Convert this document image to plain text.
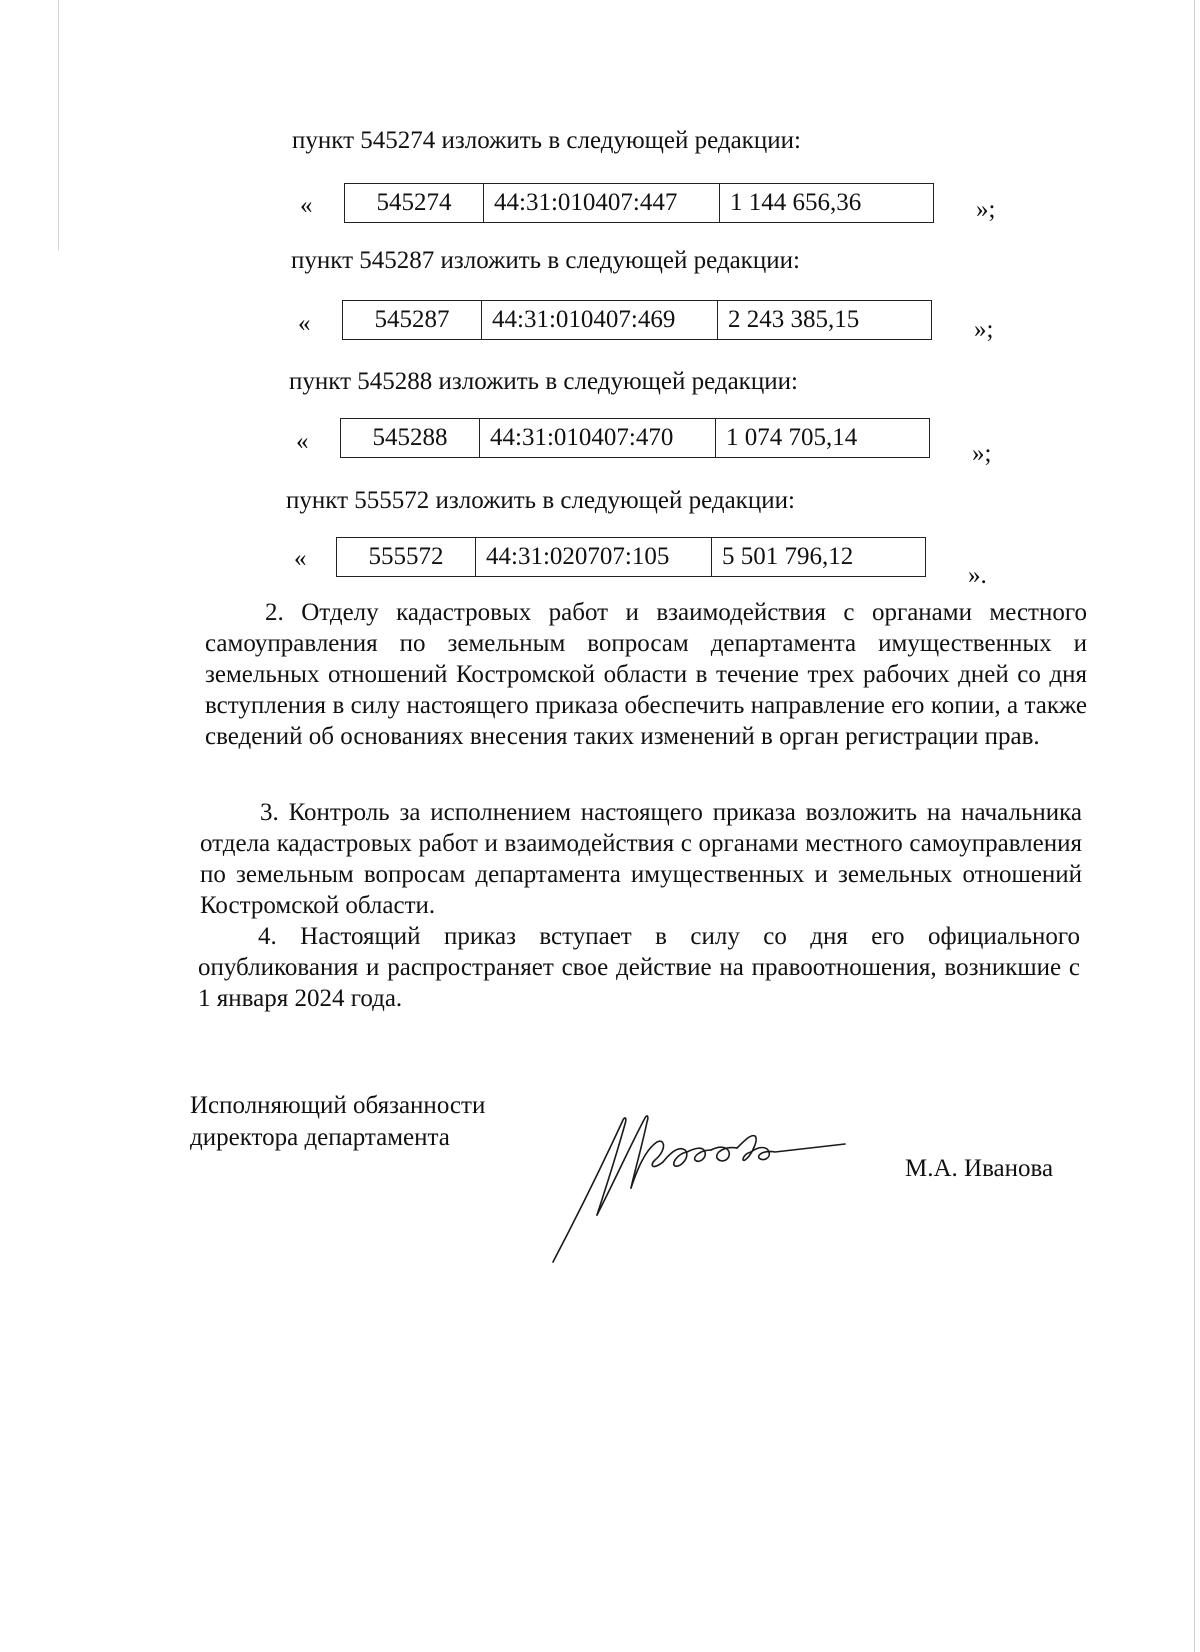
пункт 545274 изложить в следующей редакции:
«	545274	44:31:010407:447	1 144 656,36	»;
пункт 545287 изложить в следующей редакции:
«	545287	44:31:010407:469	2 243 385,15	»;
пункт 545288 изложить в следующей редакции:
«	545288	44:31:010407:470	1 074 705,14
»;
пункт 555572 изложить в следующей редакции:
« 555572	44:31:020707:105	5 501 796,12
».
2. Отделу кадастровых работ и взаимодействия с органами местного самоуправления по земельным вопросам департамента имущественных и земельных отношений Костромской области в течение трех рабочих дней со дня вступления в силу настоящего приказа обеспечить направление его копии, а также сведений об основаниях внесения таких изменений в орган регистрации прав.
3. Контроль за исполнением настоящего приказа возложить на начальника отдела кадастровых работ и взаимодействия с органами местного самоуправления по земельным вопросам департамента имущественных и земельных отношений Костромской области.
4. Настоящий приказ вступает в силу со дня его официального опубликования и распространяет свое действие на правоотношения, возникшие с 1 января 2024 года.
Исполняющий обязанности
директора департамента
М.А. Иванова
